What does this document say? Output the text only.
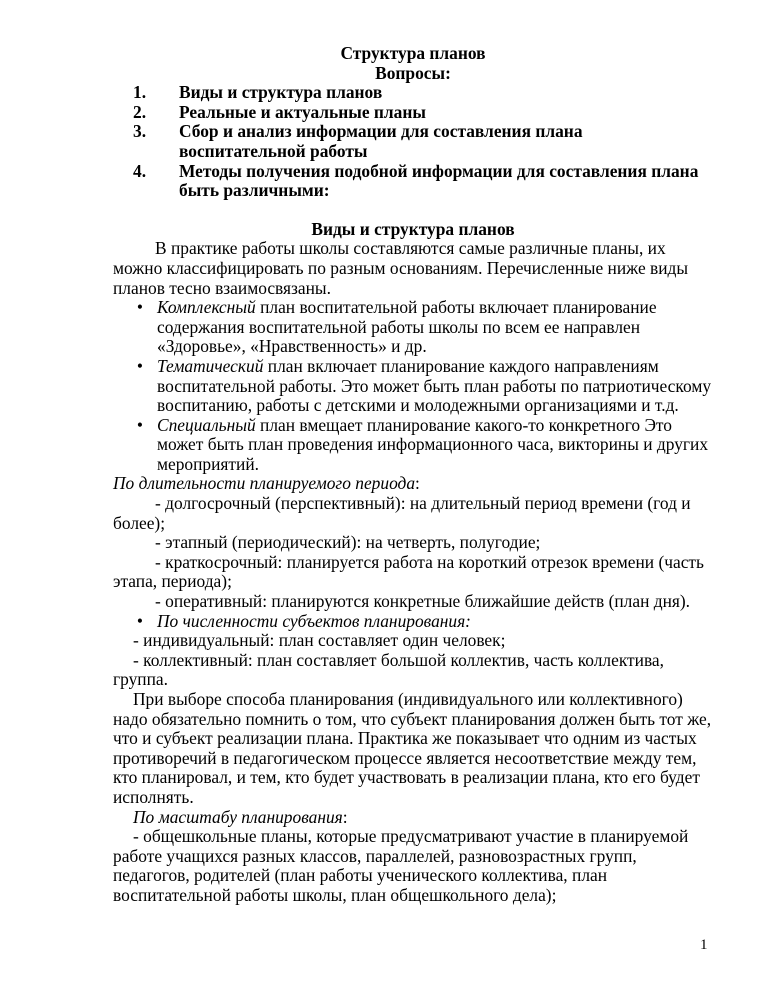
Структура планов

Вопросы:

1.	Виды и структура планов
2.	Реальные и актуальные планы
3.	Сбор и анализ информации для составления плана воспитательной работы
4.	Методы получения подобной информации для составления плана быть различными:

Виды и структура планов

В практике работы школы составляются самые различные планы, их можно классифицировать по разным основаниям. Перечисленные ниже виды планов тесно взаимосвязаны.

• Комплексный план воспитательной работы включает планирование содержания воспитательной работы школы по всем ее направлен «Здоровье», «Нравственность» и др.
• Тематический план включает планирование каждого направлениям воспитательной работы. Это может быть план работы по патриотическому воспитанию, работы с детскими и молодежными организациями и т.д.
• Специальный план вмещает планирование какого-то конкретного Это может быть план проведения информационного часа, викторины и других мероприятий.

По длительности планируемого периода:

- долгосрочный (перспективный): на длительный период времени (год и более);

- этапный (периодический): на четверть, полугодие;

- краткосрочный: планируется работа на короткий отрезок времени (часть этапа, периода);

- оперативный: планируются конкретные ближайшие действ (план дня).

• По численности субъектов планирования:

- индивидуальный: план составляет один человек;

- коллективный: план составляет большой коллектив, часть коллектива, группа.

При выборе способа планирования (индивидуального или коллективного) надо обязательно помнить о том, что субъект планирования должен быть тот же, что и субъект реализации плана. Практика же показывает что одним из частых противоречий в педагогическом процессе является несоответствие между тем, кто планировал, и тем, кто будет участвовать в реализации плана, кто его будет исполнять.

По масштабу планирования:

- общешкольные планы, которые предусматривают участие в планируемой работе учащихся разных классов, параллелей, разновозрастных групп, педагогов, родителей (план работы ученического коллектива, план воспитательной работы школы, план общешкольного дела);

1
